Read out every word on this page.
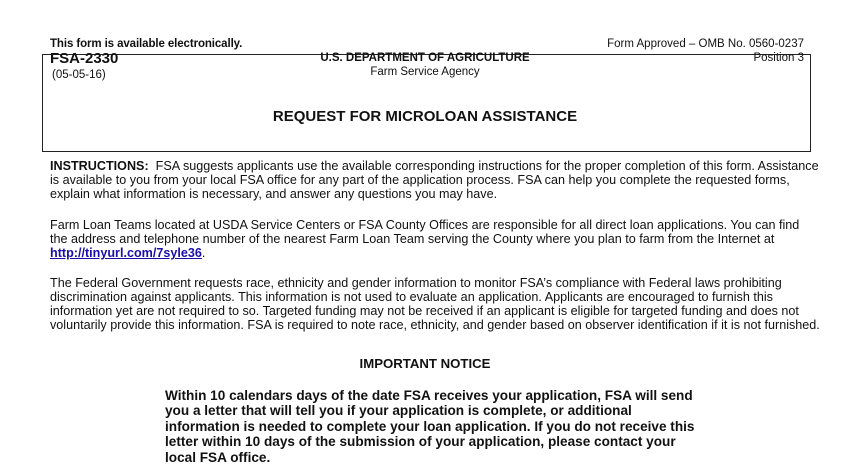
This form is available electronically.	Form Approved – OMB No. 0560-0237
FSA-2330	Position 3
(05-05-16)
U.S. DEPARTMENT OF AGRICULTURE
Farm Service Agency
REQUEST FOR MICROLOAN ASSISTANCE

INSTRUCTIONS: FSA suggests applicants use the available corresponding instructions for the proper completion of this form. Assistance is available to you from your local FSA office for any part of the application process. FSA can help you complete the requested forms, explain what information is necessary, and answer any questions you may have.

Farm Loan Teams located at USDA Service Centers or FSA County Offices are responsible for all direct loan applications. You can find the address and telephone number of the nearest Farm Loan Team serving the County where you plan to farm from the Internet at http://tinyurl.com/7syle36.

The Federal Government requests race, ethnicity and gender information to monitor FSA’s compliance with Federal laws prohibiting discrimination against applicants. This information is not used to evaluate an application. Applicants are encouraged to furnish this information yet are not required to so. Targeted funding may not be received if an applicant is eligible for targeted funding and does not voluntarily provide this information. FSA is required to note race, ethnicity, and gender based on observer identification if it is not furnished.

IMPORTANT NOTICE

Within 10 calendars days of the date FSA receives your application, FSA will send you a letter that will tell you if your application is complete, or additional information is needed to complete your loan application. If you do not receive this letter within 10 days of the submission of your application, please contact your local FSA office.
